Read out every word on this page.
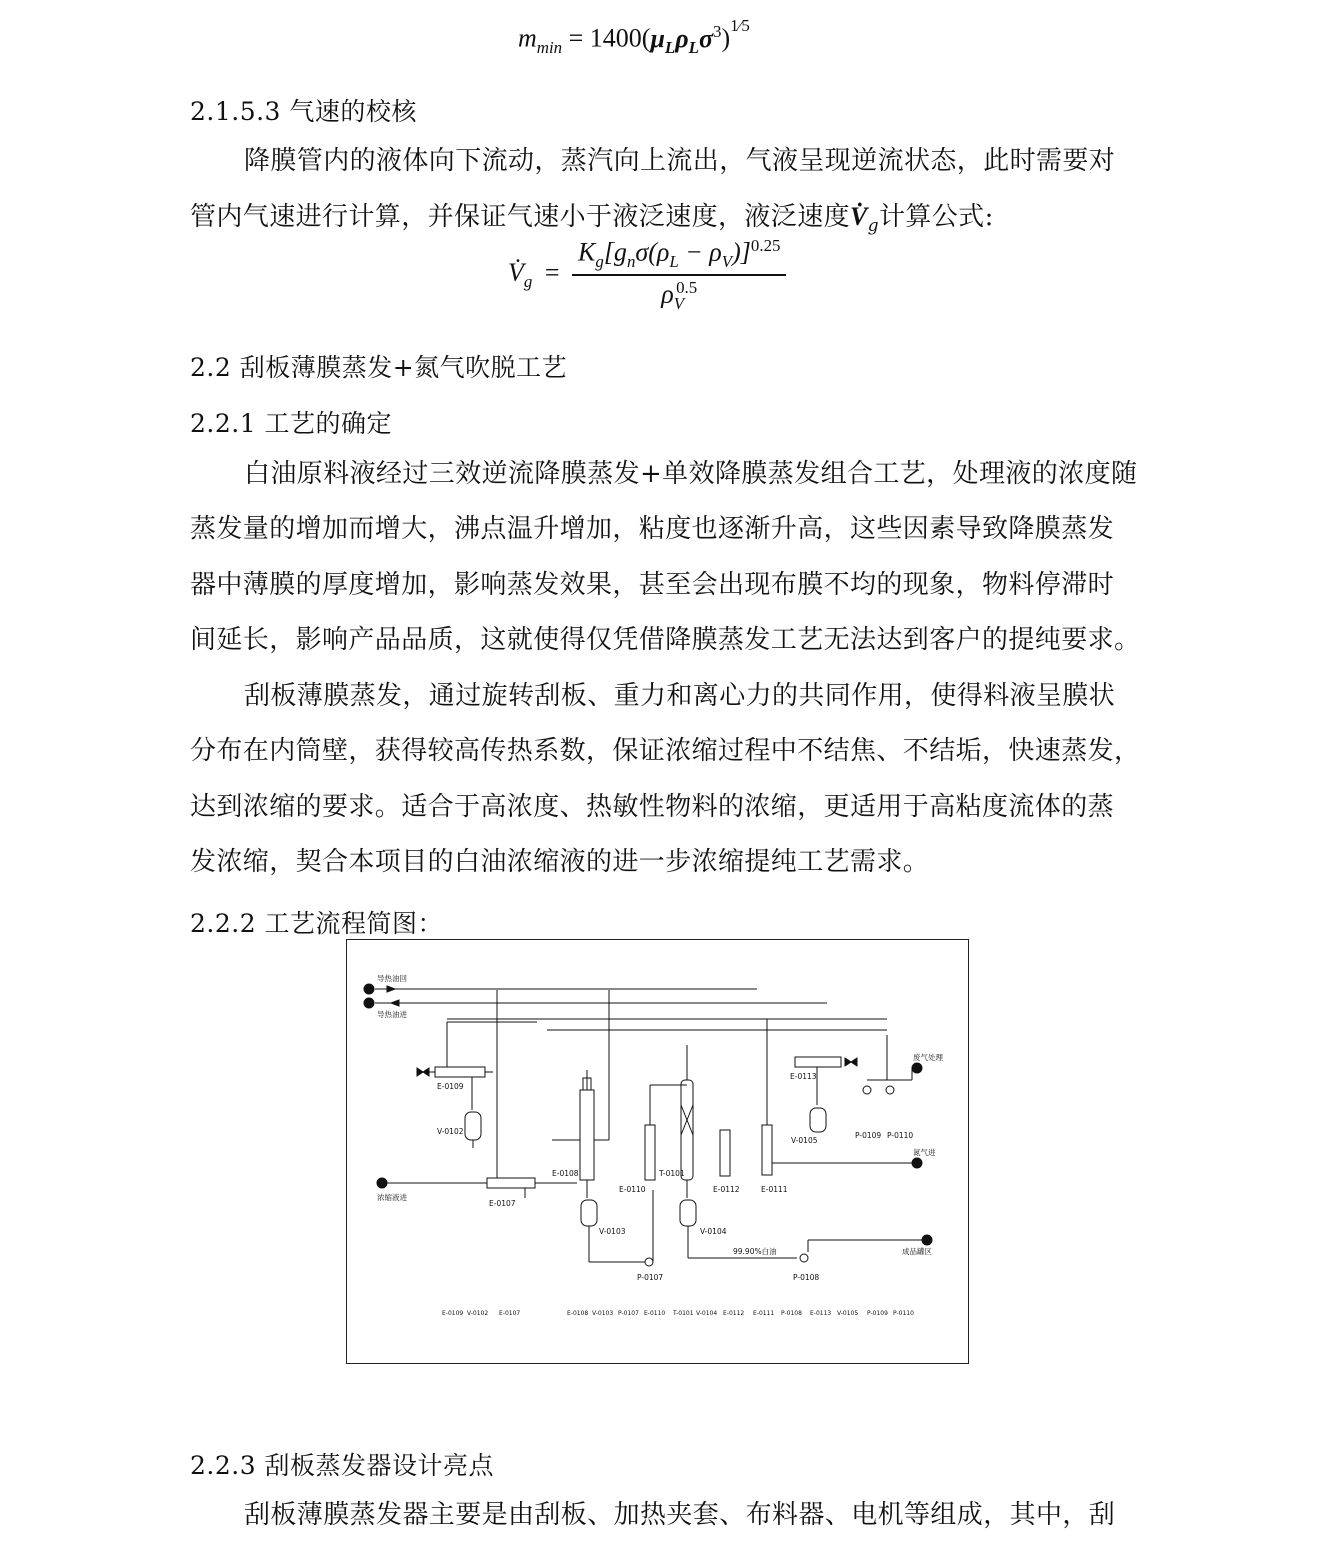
$m_{min} = 1400(\mu_L\rho_L\sigma^3)^{1⁄5}$
2.1.5.3 气速的校核
降膜管内的液体向下流动，蒸汽向上流出，气液呈现逆流状态，此时需要对
管内气速进行计算，并保证气速小于液泛速度，液泛速度$V̇_g$计算公式:
$V̇_g = \frac{K_g[g_n\sigma(\rho_L - \rho_V)]^{0.25}}{\rho_V^{0.5}}$
2.2 刮板薄膜蒸发+氮气吹脱工艺
2.2.1 工艺的确定
白油原料液经过三效逆流降膜蒸发+单效降膜蒸发组合工艺，处理液的浓度随
蒸发量的增加而增大，沸点温升增加，粘度也逐渐升高，这些因素导致降膜蒸发
器中薄膜的厚度增加，影响蒸发效果，甚至会出现布膜不均的现象，物料停滞时
间延长，影响产品品质，这就使得仅凭借降膜蒸发工艺无法达到客户的提纯要求。
刮板薄膜蒸发，通过旋转刮板、重力和离心力的共同作用，使得料液呈膜状
分布在内筒壁，获得较高传热系数，保证浓缩过程中不结焦、不结垢，快速蒸发，
达到浓缩的要求。适合于高浓度、热敏性物料的浓缩，更适用于高粘度流体的蒸
发浓缩，契合本项目的白油浓缩液的进一步浓缩提纯工艺需求。
2.2.2 工艺流程简图：
导热油回
导热油进
E-0109
V-0102
浓缩液进
E-0107
E-0108
V-0103
P-0107
E-0110
T-0101
V-0104
99.90%白油
P-0108
成品罐区
E-0112	E-0111
氮气进
E-0113
V-0105
P-0109 P-0110
废气处理
E-0109 V-0102 E-0107	E-0108 V-0103 P-0107 E-0110 T-0101 V-0104 E-0112 E-0111 P-0108 E-0113 V-0105 P-0109 P-0110
2.2.3 刮板蒸发器设计亮点
刮板薄膜蒸发器主要是由刮板、加热夹套、布料器、电机等组成，其中，刮
